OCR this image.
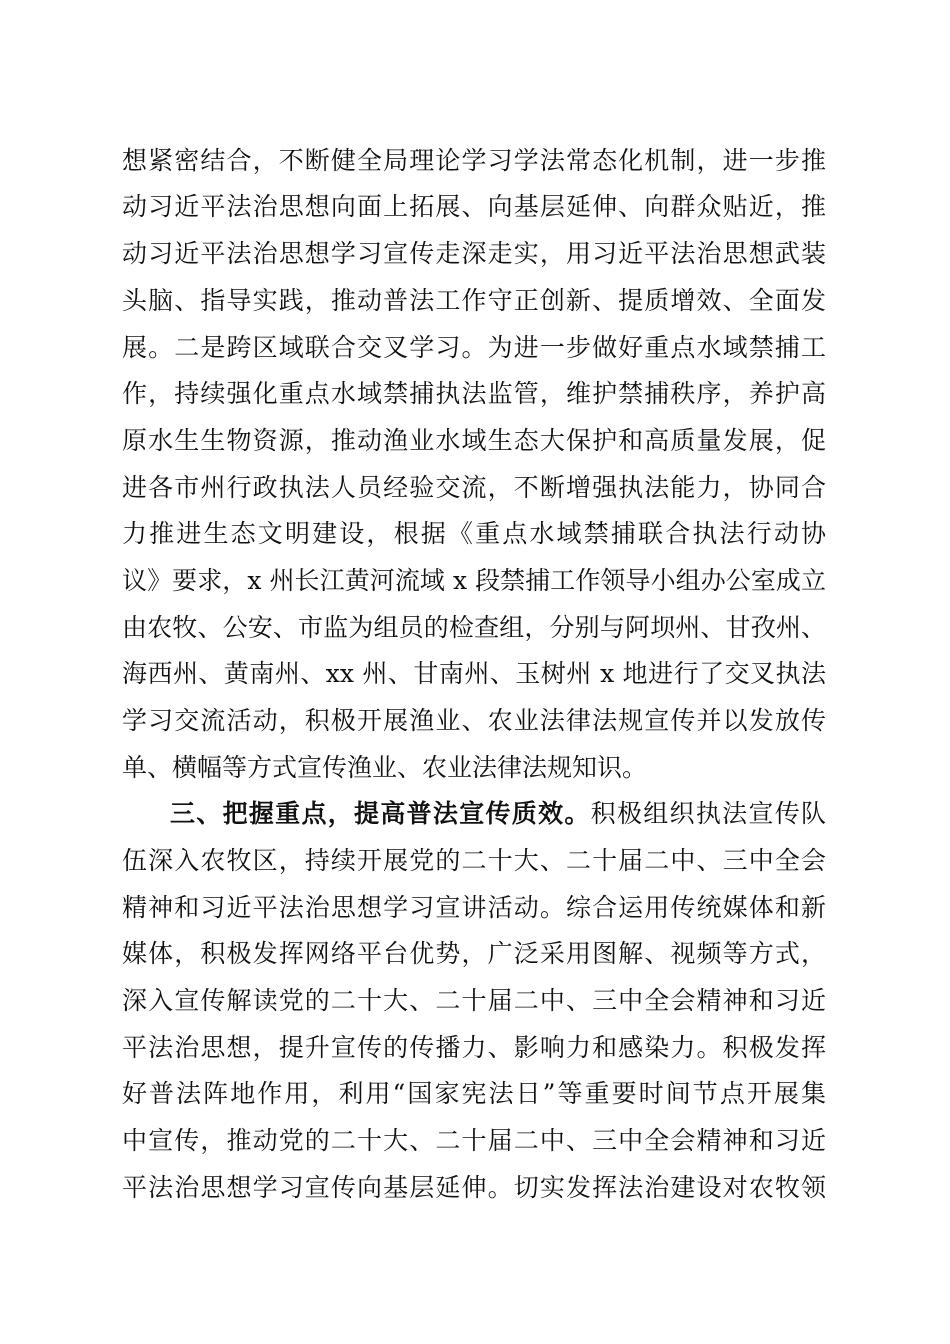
想紧密结合，不断健全局理论学习学法常态化机制，进一步推
动习近平法治思想向面上拓展、向基层延伸、向群众贴近，推
动习近平法治思想学习宣传走深走实，用习近平法治思想武装
头脑、指导实践，推动普法工作守正创新、提质增效、全面发
展。二是跨区域联合交叉学习。为进一步做好重点水域禁捕工
作，持续强化重点水域禁捕执法监管，维护禁捕秩序，养护高
原水生生物资源，推动渔业水域生态大保护和高质量发展，促
进各市州行政执法人员经验交流，不断增强执法能力，协同合
力推进生态文明建设，根据《重点水域禁捕联合执法行动协
议》要求，x 州长江黄河流域 x 段禁捕工作领导小组办公室成立
由农牧、公安、市监为组员的检查组，分别与阿坝州、甘孜州、
海西州、黄南州、xx 州、甘南州、玉树州 x 地进行了交叉执法
学习交流活动，积极开展渔业、农业法律法规宣传并以发放传
单、横幅等方式宣传渔业、农业法律法规知识。
三、把握重点，提高普法宣传质效。积极组织执法宣传队
伍深入农牧区，持续开展党的二十大、二十届二中、三中全会
精神和习近平法治思想学习宣讲活动。综合运用传统媒体和新
媒体，积极发挥网络平台优势，广泛采用图解、视频等方式，
深入宣传解读党的二十大、二十届二中、三中全会精神和习近
平法治思想，提升宣传的传播力、影响力和感染力。积极发挥
好普法阵地作用，利用“国家宪法日”等重要时间节点开展集
中宣传，推动党的二十大、二十届二中、三中全会精神和习近
平法治思想学习宣传向基层延伸。切实发挥法治建设对农牧领
